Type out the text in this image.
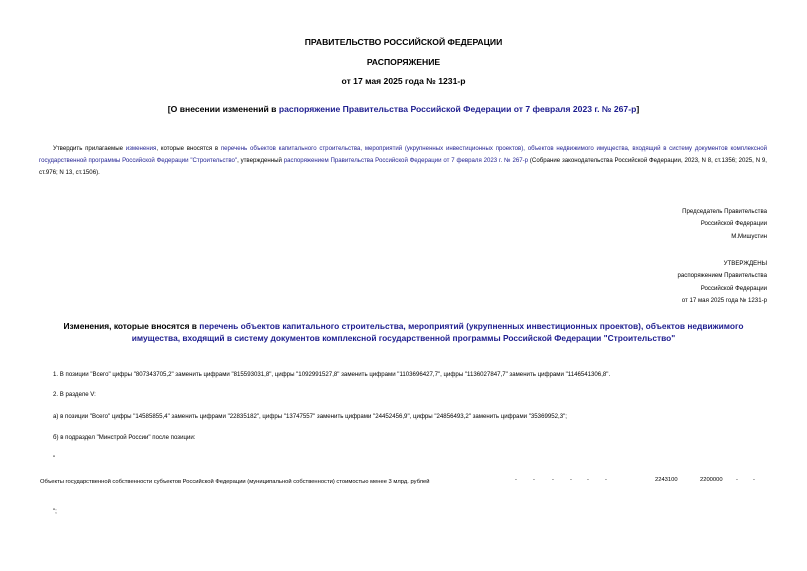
ПРАВИТЕЛЬСТВО РОССИЙСКОЙ ФЕДЕРАЦИИ
РАСПОРЯЖЕНИЕ
от 17 мая 2025 года № 1231-р
[О внесении изменений в распоряжение Правительства Российской Федерации от 7 февраля 2023 г. № 267-р]
Утвердить прилагаемые изменения, которые вносятся в перечень объектов капитального строительства, мероприятий (укрупненных инвестиционных проектов), объектов недвижимого имущества, входящий в систему документов комплексной государственной программы Российской Федерации "Строительство", утвержденный распоряжением Правительства Российской Федерации от 7 февраля 2023 г. № 267-р (Собрание законодательства Российской Федерации, 2023, N 8, ст.1356; 2025, N 9, ст.976; N 13, ст.1506).
Председатель Правительства
Российской Федерации
М.Мишустин
УТВЕРЖДЕНЫ
распоряжением Правительства
Российской Федерации
от 17 мая 2025 года № 1231-р
Изменения, которые вносятся в перечень объектов капитального строительства, мероприятий (укрупненных инвестиционных проектов), объектов недвижимого имущества, входящий в систему документов комплексной государственной программы Российской Федерации "Строительство"
1. В позиции "Всего" цифры "807343705,2" заменить цифрами "815593031,8", цифры "1092991527,8" заменить цифрами "1103696427,7", цифры "1136027847,7" заменить цифрами "1146541306,8".
2. В разделе V:
а) в позиции "Всего" цифры "14585855,4" заменить цифрами "22835182", цифры "13747557" заменить цифрами "24452456,9", цифры "24856493,2" заменить цифрами "35369952,3";
б) в подраздел "Минстрой России" после позиции:
"
Объекты государственной собственности субъектов Российской Федерации (муниципальной собственности) стоимостью менее 3 млрд. рублей	-	-	-	-	-	-	2243100	2200000 -	-
";
